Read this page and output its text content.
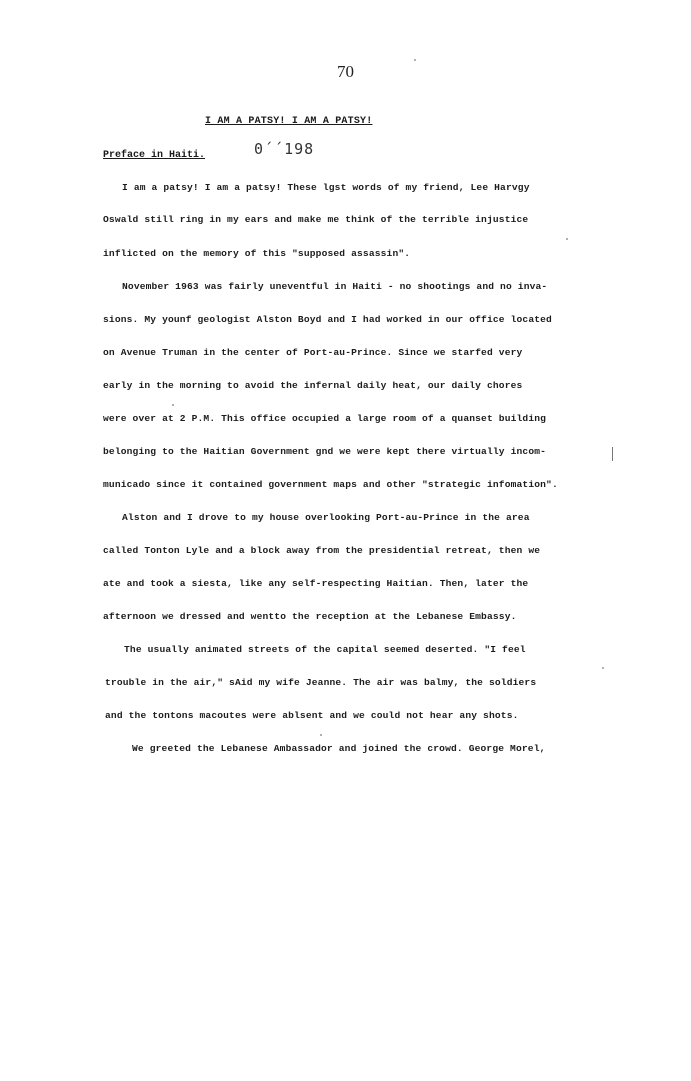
70
I AM A PATSY! I AM A PATSY!
Preface in Haiti.	0´´198
I am a patsy! I am a patsy! These lgst words of my friend, Lee Harvgy
Oswald still ring in my ears and make me think of the terrible injustice
inflicted on the memory of this "supposed assassin".
November 1963 was fairly uneventful in Haiti - no shootings and no inva-
sions. My younf geologist Alston Boyd and I had worked in our office located
on Avenue Truman in the center of Port-au-Prince. Since we starfed very
early in the morning to avoid the infernal daily heat, our daily chores
were over at 2 P.M. This office occupied a large room of a quanset building
belonging to the Haitian Government gnd we were kept there virtually incom-
municado since it contained government maps and other "strategic infomation".
Alston and I drove to my house overlooking Port-au-Prince in the area
called Tonton Lyle and a block away from the presidential retreat, then we
ate and took a siesta, like any self-respecting Haitian. Then, later the
afternoon we dressed and wentto the reception at the Lebanese Embassy.
The usually animated streets of the capital seemed deserted. "I feel
trouble in the air," sAid my wife Jeanne. The air was balmy, the soldiers
and the tontons macoutes were ablsent and we could not hear any shots.
We greeted the Lebanese Ambassador and joined the crowd. George Morel,
